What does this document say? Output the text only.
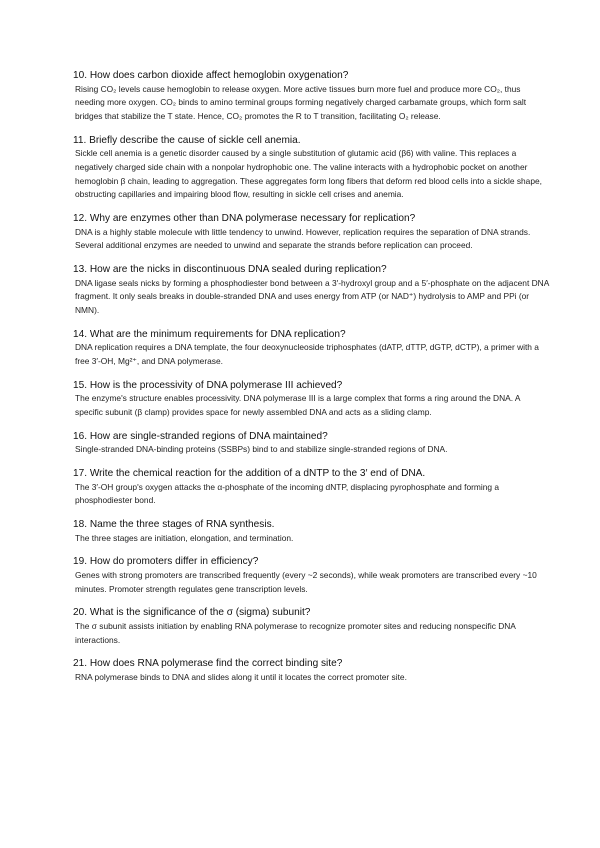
10. How does carbon dioxide affect hemoglobin oxygenation?

Rising CO₂ levels cause hemoglobin to release oxygen. More active tissues burn more fuel and produce more CO₂, thus needing more oxygen. CO₂ binds to amino terminal groups forming negatively charged carbamate groups, which form salt bridges that stabilize the T state. Hence, CO₂ promotes the R to T transition, facilitating O₂ release.

11. Briefly describe the cause of sickle cell anemia.

Sickle cell anemia is a genetic disorder caused by a single substitution of glutamic acid (β6) with valine. This replaces a negatively charged side chain with a nonpolar hydrophobic one. The valine interacts with a hydrophobic pocket on another hemoglobin β chain, leading to aggregation. These aggregates form long fibers that deform red blood cells into a sickle shape, obstructing capillaries and impairing blood flow, resulting in sickle cell crises and anemia.

12. Why are enzymes other than DNA polymerase necessary for replication?

DNA is a highly stable molecule with little tendency to unwind. However, replication requires the separation of DNA strands. Several additional enzymes are needed to unwind and separate the strands before replication can proceed.

13. How are the nicks in discontinuous DNA sealed during replication?

DNA ligase seals nicks by forming a phosphodiester bond between a 3′-hydroxyl group and a 5′-phosphate on the adjacent DNA fragment. It only seals breaks in double-stranded DNA and uses energy from ATP (or NAD⁺) hydrolysis to AMP and PPi (or NMN).

14. What are the minimum requirements for DNA replication?

DNA replication requires a DNA template, the four deoxynucleoside triphosphates (dATP, dTTP, dGTP, dCTP), a primer with a free 3′-OH, Mg²⁺, and DNA polymerase.

15. How is the processivity of DNA polymerase III achieved?

The enzyme's structure enables processivity. DNA polymerase III is a large complex that forms a ring around the DNA. A specific subunit (β clamp) provides space for newly assembled DNA and acts as a sliding clamp.

16. How are single-stranded regions of DNA maintained?

Single-stranded DNA-binding proteins (SSBPs) bind to and stabilize single-stranded regions of DNA.

17. Write the chemical reaction for the addition of a dNTP to the 3′ end of DNA.

The 3′-OH group's oxygen attacks the α-phosphate of the incoming dNTP, displacing pyrophosphate and forming a phosphodiester bond.

18. Name the three stages of RNA synthesis.

The three stages are initiation, elongation, and termination.

19. How do promoters differ in efficiency?

Genes with strong promoters are transcribed frequently (every ~2 seconds), while weak promoters are transcribed every ~10 minutes. Promoter strength regulates gene transcription levels.

20. What is the significance of the σ (sigma) subunit?

The σ subunit assists initiation by enabling RNA polymerase to recognize promoter sites and reducing nonspecific DNA interactions.

21. How does RNA polymerase find the correct binding site?

RNA polymerase binds to DNA and slides along it until it locates the correct promoter site.
